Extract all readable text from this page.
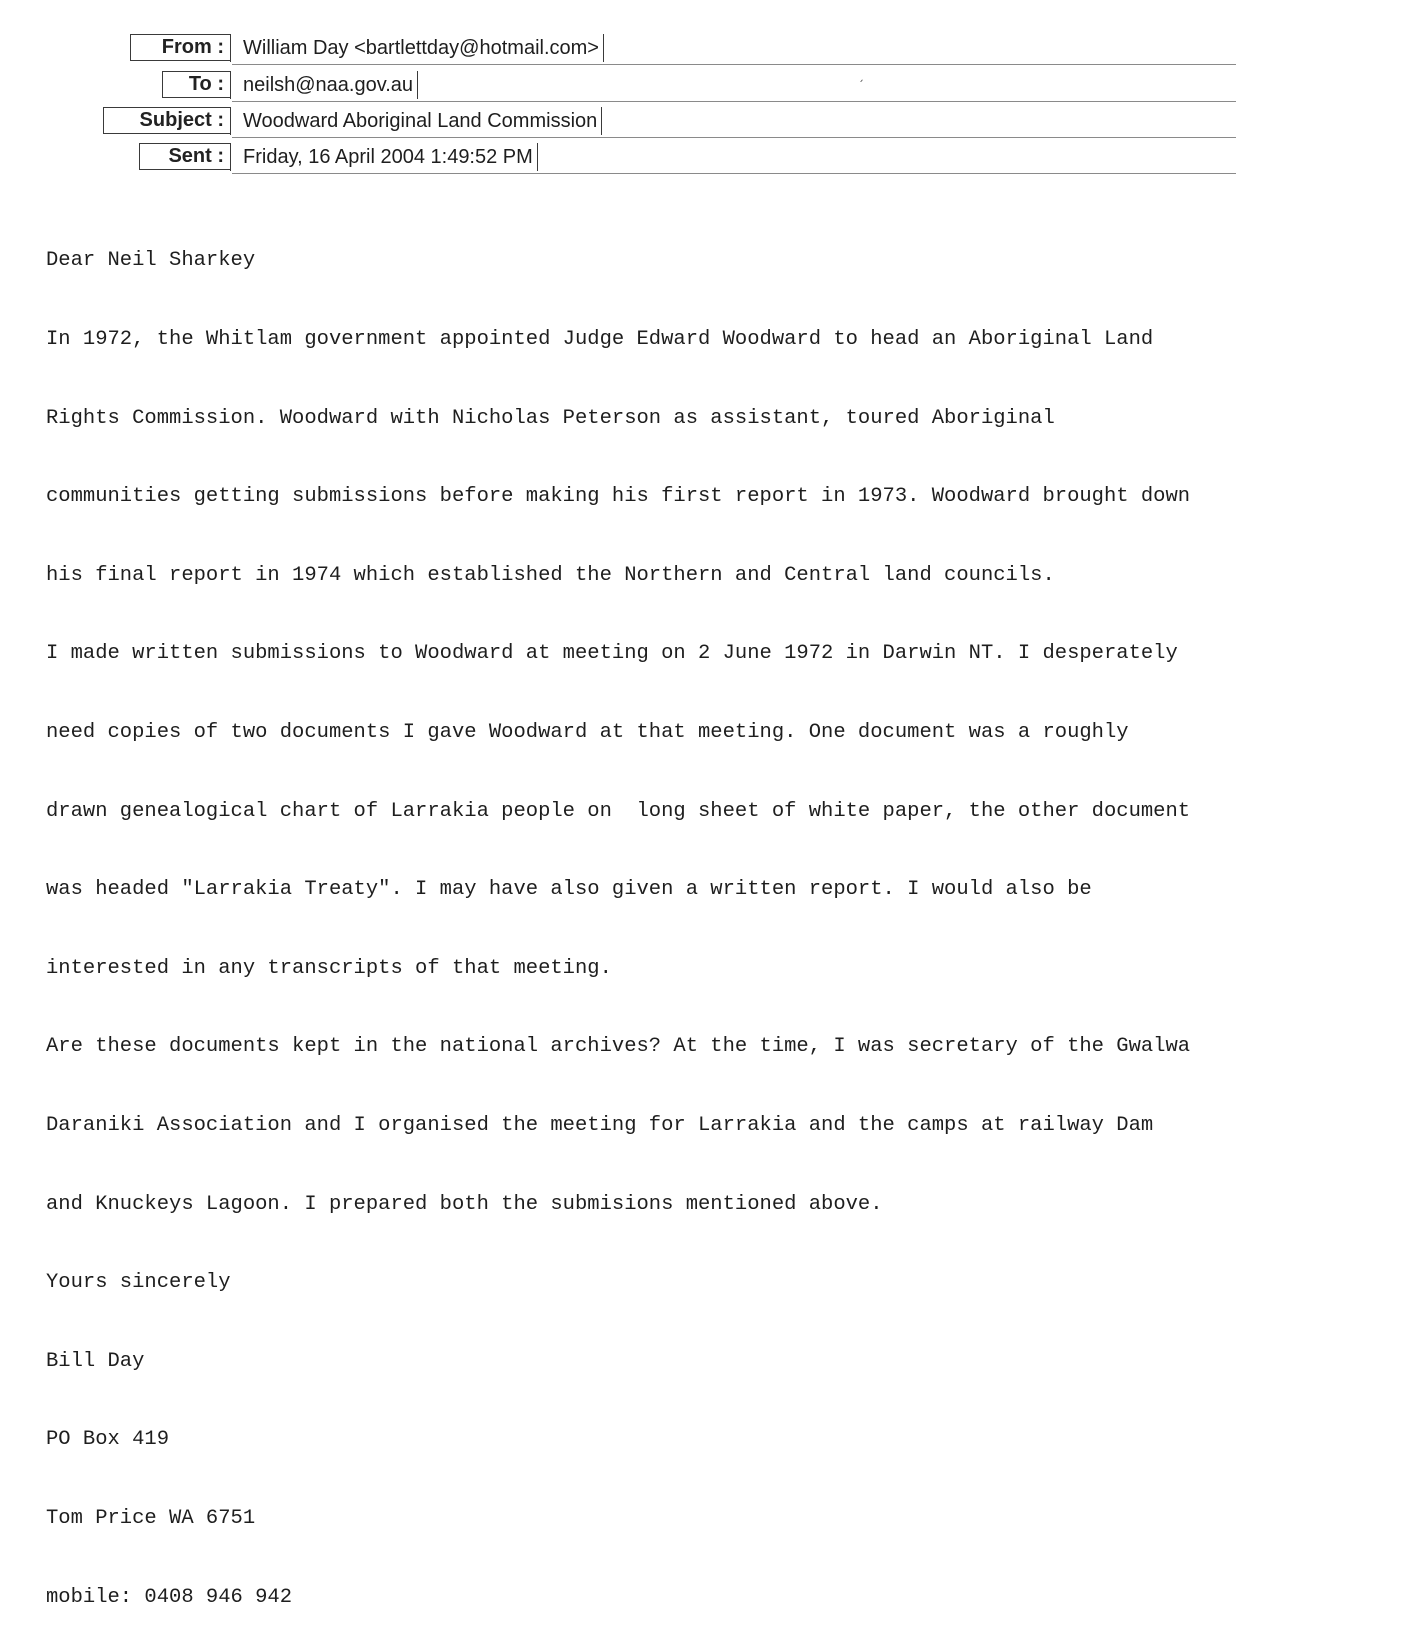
From : William Day <bartlettday@hotmail.com>
To : neilsh@naa.gov.au
Subject : Woodward Aboriginal Land Commission
Sent : Friday, 16 April 2004 1:49:52 PM

Dear Neil Sharkey

In 1972, the Whitlam government appointed Judge Edward Woodward to head an Aboriginal Land

Rights Commission. Woodward with Nicholas Peterson as assistant, toured Aboriginal

communities getting submissions before making his first report in 1973. Woodward brought down

his final report in 1974 which established the Northern and Central land councils.

I made written submissions to Woodward at meeting on 2 June 1972 in Darwin NT. I desperately

need copies of two documents I gave Woodward at that meeting. One document was a roughly

drawn genealogical chart of Larrakia people on  long sheet of white paper, the other document

was headed "Larrakia Treaty". I may have also given a written report. I would also be

interested in any transcripts of that meeting.

Are these documents kept in the national archives? At the time, I was secretary of the Gwalwa

Daraniki Association and I organised the meeting for Larrakia and the camps at railway Dam

and Knuckeys Lagoon. I prepared both the submisions mentioned above.

Yours sincerely

Bill Day

PO Box 419

Tom Price WA 6751

mobile: 0408 946 942

ˏ
